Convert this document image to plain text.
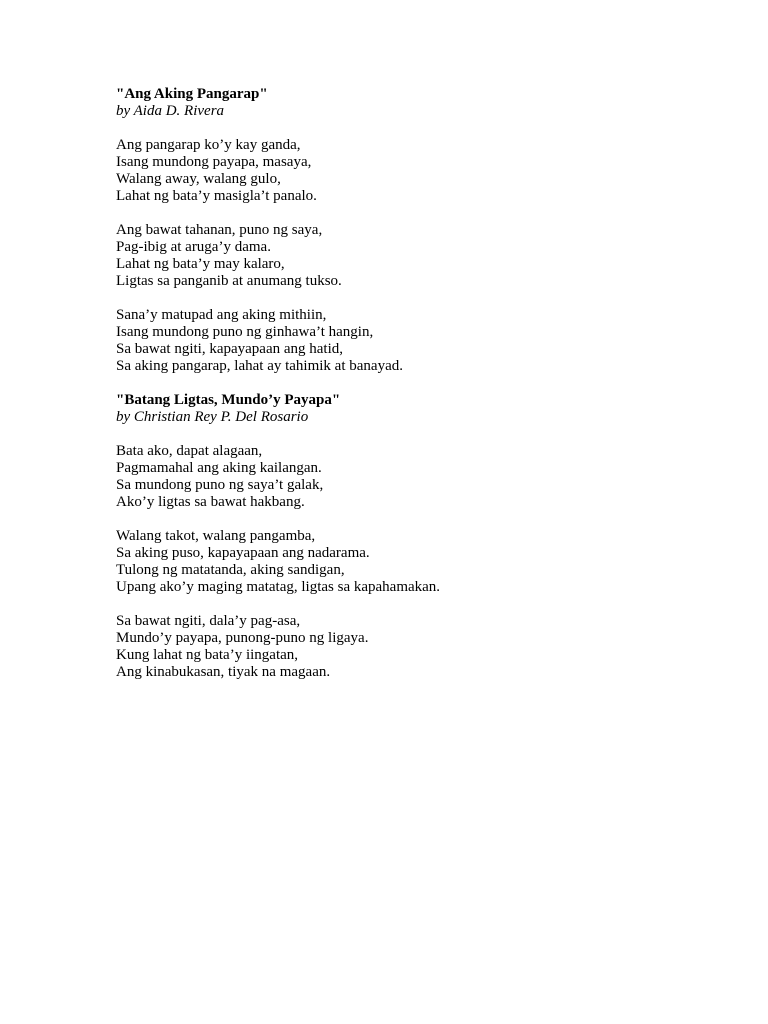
"Ang Aking Pangarap"

by Aida D. Rivera

Ang pangarap ko’y kay ganda,
Isang mundong payapa, masaya,
Walang away, walang gulo,
Lahat ng bata’y masigla’t panalo.
Ang bawat tahanan, puno ng saya,
Pag-ibig at aruga’y dama.
Lahat ng bata’y may kalaro,
Ligtas sa panganib at anumang tukso.
Sana’y matupad ang aking mithiin,
Isang mundong puno ng ginhawa’t hangin,
Sa bawat ngiti, kapayapaan ang hatid,
Sa aking pangarap, lahat ay tahimik at banayad.

"Batang Ligtas, Mundo’y Payapa"

by Christian Rey P. Del Rosario

Bata ako, dapat alagaan,
Pagmamahal ang aking kailangan.
Sa mundong puno ng saya’t galak,
Ako’y ligtas sa bawat hakbang.
Walang takot, walang pangamba,
Sa aking puso, kapayapaan ang nadarama.
Tulong ng matatanda, aking sandigan,
Upang ako’y maging matatag, ligtas sa kapahamakan.
Sa bawat ngiti, dala’y pag-asa,
Mundo’y payapa, punong-puno ng ligaya.
Kung lahat ng bata’y iingatan,
Ang kinabukasan, tiyak na magaan.
